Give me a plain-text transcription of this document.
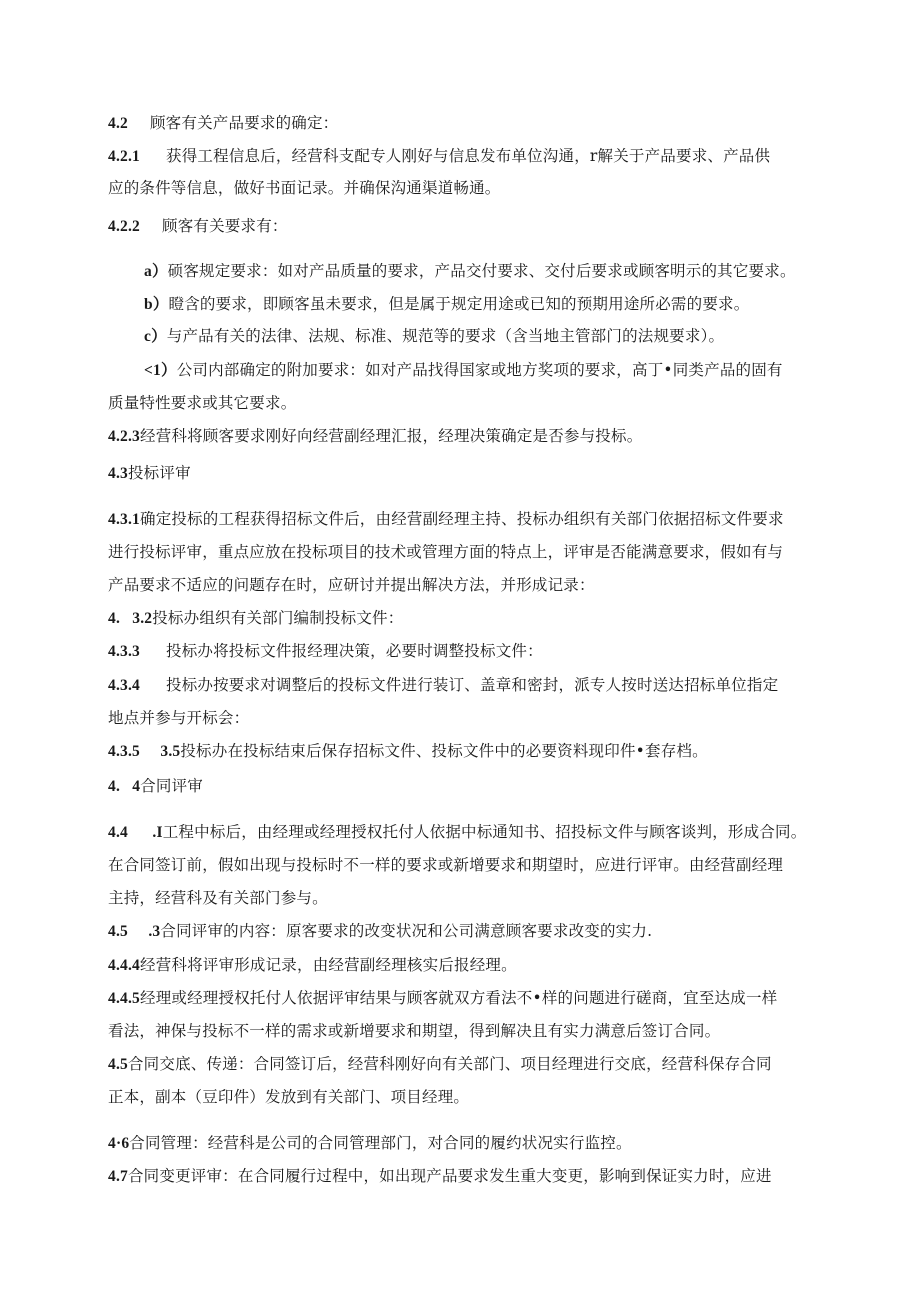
4.2 顾客有关产品要求的确定：
4.2.1 获得工程信息后，经营科支配专人刚好与信息发布单位沟通，r解关于产品要求、产品供
应的条件等信息，做好书面记录。并确保沟通渠道畅通。
4.2.2 顾客有关要求有：
a）硕客规定要求：如对产品质量的要求，产品交付要求、交付后要求或顾客明示的其它要求。
b）瞪含的要求，即顾客虽未要求，但是属于规定用途或已知的预期用途所必需的要求。
c）与产品有关的法律、法规、标准、规范等的要求（含当地主管部门的法规要求）。
<1）公司内部确定的附加要求：如对产品找得国家或地方奖项的要求，高丁•同类产品的固有
质量特性要求或其它要求。
4.2.3经营科将顾客要求刚好向经营副经理汇报，经理决策确定是否参与投标。
4.3投标评审
4.3.1确定投标的工程获得招标文件后，由经营副经理主持、投标办组织有关部门依据招标文件要求
进行投标评审，重点应放在投标项目的技术或管理方面的特点上，评审是否能满意要求，假如有与
产品要求不适应的问题存在时，应研讨并提出解决方法，并形成记录：
4.   3.2投标办组织有关部门编制投标文件：
4.3.3 投标办将投标文件报经理决策，必要时调整投标文件：
4.3.4 投标办按要求对调整后的投标文件进行装订、盖章和密封，派专人按时送达招标单位指定
地点并参与开标会：
4.3.5     3.5投标办在投标结束后保存招标文件、投标文件中的必要资料现印件•套存档。
4.   4合同评审
4.4      .I工程中标后，由经理或经理授权托付人依据中标通知书、招投标文件与顾客谈判，形成合同。
在合同签订前，假如出现与投标时不一样的要求或新增要求和期望时，应进行评审。由经营副经理
主持，经营科及有关部门参与。
4.5     .3合同评审的内容：原客要求的改变状况和公司满意顾客要求改变的实力.
4.4.4经营科将评审形成记录，由经营副经理核实后报经理。
4.4.5经理或经理授权托付人依据评审结果与顾客就双方看法不•样的问题进行磋商，宜至达成一样
看法，神保与投标不一样的需求或新增要求和期望，得到解决且有实力满意后签订合同。
4.5合同交底、传递：合同签订后，经营科刚好向有关部门、项目经理进行交底，经营科保存合同
正本，副本（豆印件）发放到有关部门、项目经理。
4·6合同管理：经营科是公司的合同管理部门，对合同的履约状况实行监控。
4.7合同变更评审：在合同履行过程中，如出现产品要求发生重大变更，影响到保证实力时，应进
